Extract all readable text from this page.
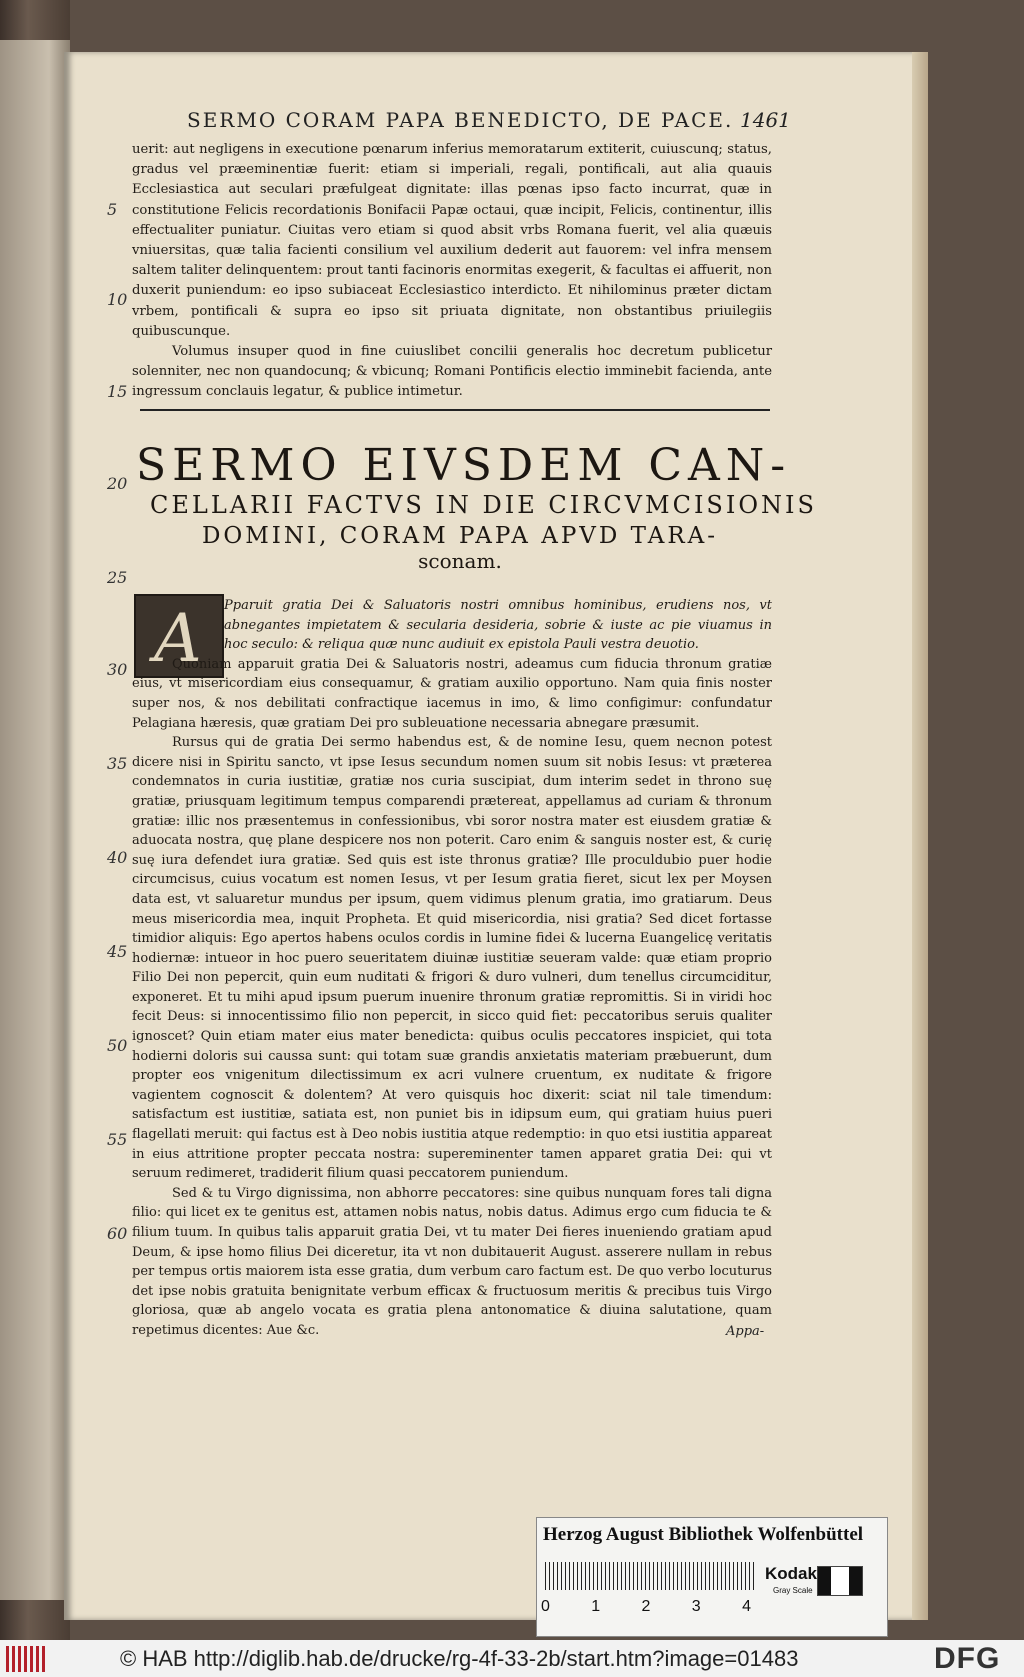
SERMO CORAM PAPA BENEDICTO, DE PACE. 1461
5
10
15
20
25
30
35
40
45
50
55
60

uerit: aut negligens in executione pœnarum inferius memoratarum extiterit, cuiuscunq; status, gradus vel præeminentiæ fuerit: etiam si imperiali, regali, pontificali, aut alia quauis Ecclesiastica aut seculari præfulgeat dignitate: illas pœnas ipso facto incurrat, quæ in constitutione Felicis recordationis Bonifacii Papæ octaui, quæ incipit, Felicis, continentur, illis effectualiter puniatur. Ciuitas vero etiam si quod absit vrbs Romana fuerit, vel alia quæuis vniuersitas, quæ talia facienti consilium vel auxilium dederit aut fauorem: vel infra mensem saltem taliter delinquentem: prout tanti facinoris enormitas exegerit, & facultas ei affuerit, non duxerit puniendum: eo ipso subiaceat Ecclesiastico interdicto. Et nihilominus præter dictam vrbem, pontificali & supra eo ipso sit priuata dignitate, non obstantibus priuilegiis quibuscunque.

Volumus insuper quod in fine cuiuslibet concilii generalis hoc decretum publicetur solenniter, nec non quandocunq; & vbicunq; Romani Pontificis electio imminebit facienda, ante ingressum conclauis legatur, & publice intimetur.

SERMO EIVSDEM CAN-
CELLARII FACTVS IN DIE CIRCVMCISIONIS
DOMINI, CORAM PAPA APVD TARA-
sconam.
A	Pparuit gratia Dei & Saluatoris nostri omnibus hominibus, erudiens nos, vt abnegantes impietatem & secularia desideria, sobrie & iuste ac pie viuamus in hoc seculo: & reliqua quæ nunc audiuit ex epistola Pauli vestra deuotio.

Quoniam apparuit gratia Dei & Saluatoris nostri, adeamus cum fiducia thronum gratiæ eius, vt misericordiam eius consequamur, & gratiam auxilio opportuno. Nam quia finis noster super nos, & nos debilitati confractique iacemus in imo, & limo configimur: confundatur Pelagiana hæresis, quæ gratiam Dei pro subleuatione necessaria abnegare præsumit.

Rursus qui de gratia Dei sermo habendus est, & de nomine Iesu, quem necnon potest dicere nisi in Spiritu sancto, vt ipse Iesus secundum nomen suum sit nobis Iesus: vt præterea condemnatos in curia iustitiæ, gratiæ nos curia suscipiat, dum interim sedet in throno suę gratiæ, priusquam legitimum tempus comparendi prætereat, appellamus ad curiam & thronum gratiæ: illic nos præsentemus in confessionibus, vbi soror nostra mater est eiusdem gratiæ & aduocata nostra, quę plane despicere nos non poterit. Caro enim & sanguis noster est, & curię suę iura defendet iura gratiæ. Sed quis est iste thronus gratiæ? Ille proculdubio puer hodie circumcisus, cuius vocatum est nomen Iesus, vt per Iesum gratia fieret, sicut lex per Moysen data est, vt saluaretur mundus per ipsum, quem vidimus plenum gratia, imo gratiarum. Deus meus misericordia mea, inquit Propheta. Et quid misericordia, nisi gratia? Sed dicet fortasse timidior aliquis: Ego apertos habens oculos cordis in lumine fidei & lucerna Euangelicę veritatis hodiernæ: intueor in hoc puero seueritatem diuinæ iustitiæ seueram valde: quæ etiam proprio Filio Dei non pepercit, quin eum nuditati & frigori & duro vulneri, dum tenellus circumciditur, exponeret. Et tu mihi apud ipsum puerum inuenire thronum gratiæ repromittis. Si in viridi hoc fecit Deus: si innocentissimo filio non pepercit, in sicco quid fiet: peccatoribus seruis qualiter ignoscet? Quin etiam mater eius mater benedicta: quibus oculis peccatores inspiciet, qui tota hodierni doloris sui caussa sunt: qui totam suæ grandis anxietatis materiam præbuerunt, dum propter eos vnigenitum dilectissimum ex acri vulnere cruentum, ex nuditate & frigore vagientem cognoscit & dolentem? At vero quisquis hoc dixerit: sciat nil tale timendum: satisfactum est iustitiæ, satiata est, non puniet bis in idipsum eum, qui gratiam huius pueri flagellati meruit: qui factus est à Deo nobis iustitia atque redemptio: in quo etsi iustitia appareat in eius attritione propter peccata nostra: supereminenter tamen apparet gratia Dei: qui vt seruum redimeret, tradiderit filium quasi peccatorem puniendum.

Sed & tu Virgo dignissima, non abhorre peccatores: sine quibus nunquam fores tali digna filio: qui licet ex te genitus est, attamen nobis natus, nobis datus. Adimus ergo cum fiducia te & filium tuum. In quibus talis apparuit gratia Dei, vt tu mater Dei fieres inueniendo gratiam apud Deum, & ipse homo filius Dei diceretur, ita vt non dubitauerit August. asserere nullam in rebus per tempus ortis maiorem ista esse gratia, dum verbum caro factum est. De quo verbo locuturus det ipse nobis gratuita benignitate verbum efficax & fructuosum meritis & precibus tuis Virgo gloriosa, quæ ab angelo vocata es gratia plena antonomatice & diuina salutatione, quam repetimus dicentes: Aue &c.	Appa-
Herzog August Bibliothek Wolfenbüttel
0	1	2	3	4
Kodak
Gray Scale
© HAB http://diglib.hab.de/drucke/rg-4f-33-2b/start.htm?image=01483	DFG
